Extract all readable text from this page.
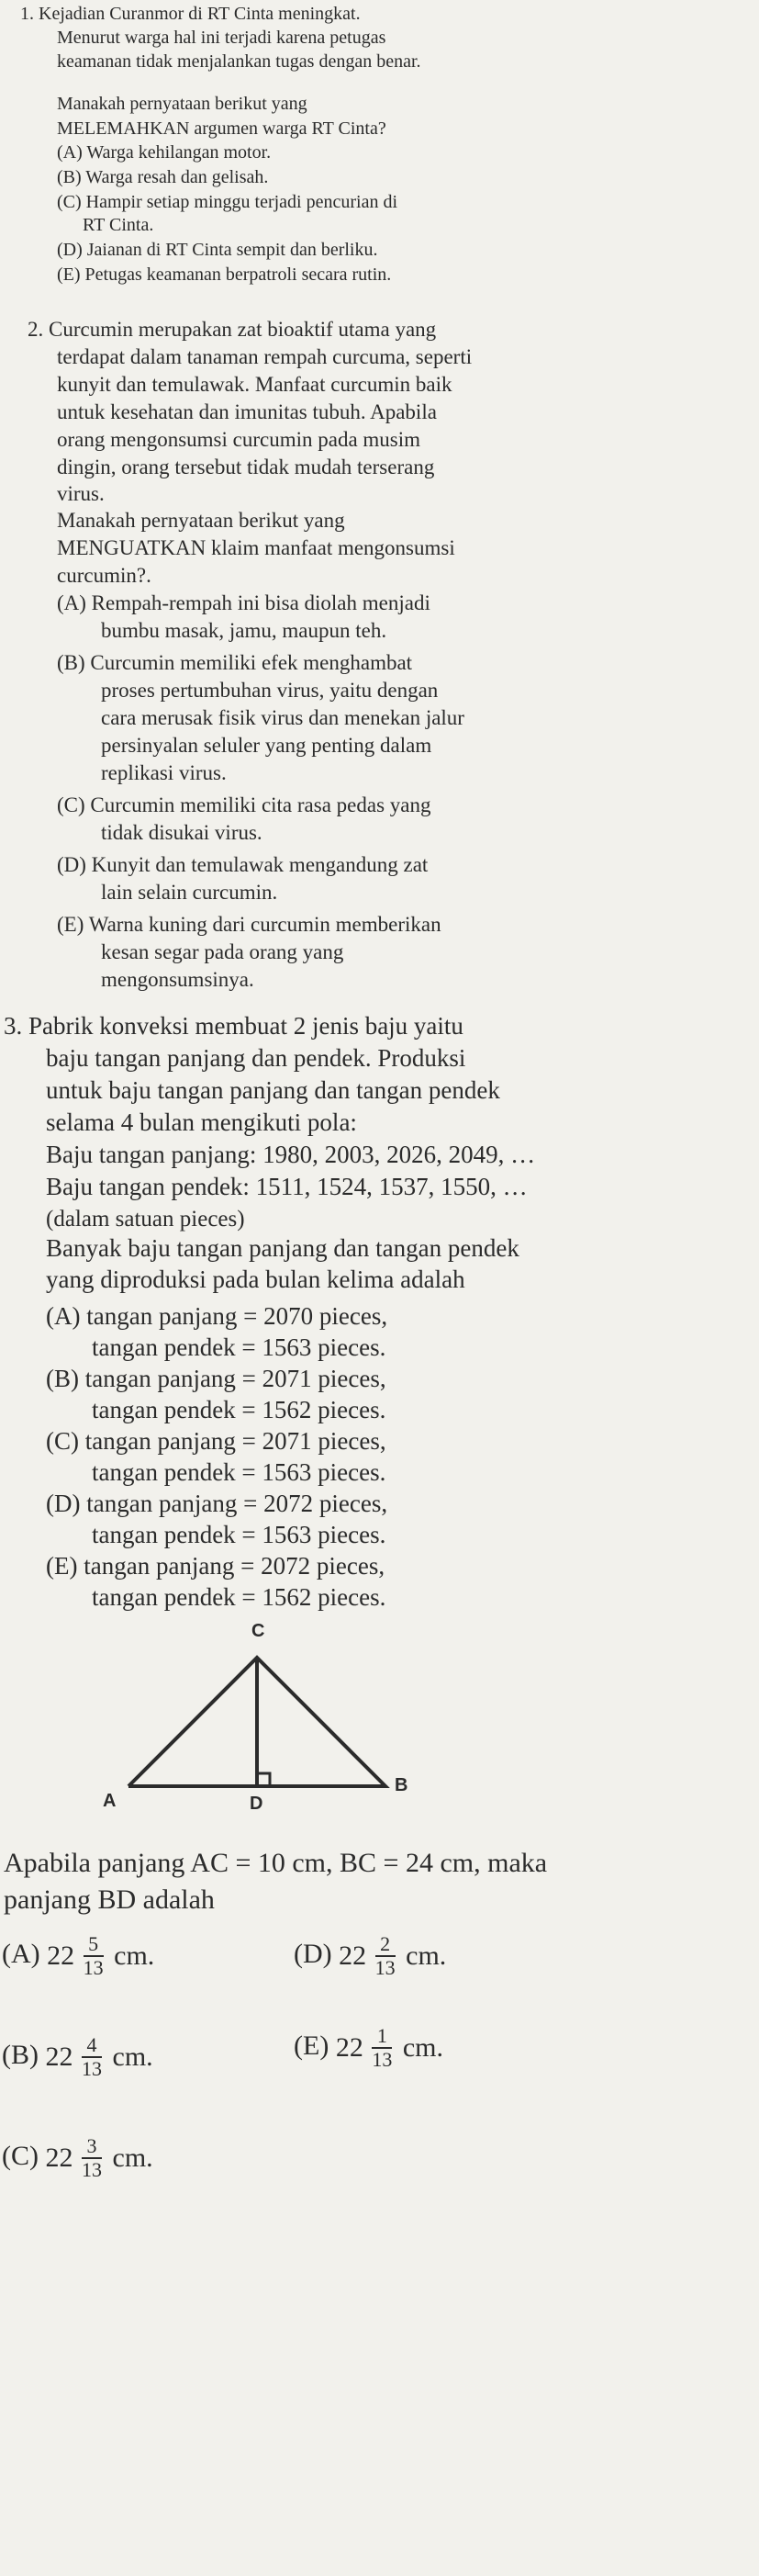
1. Kejadian Curanmor di RT Cinta meningkat.
Menurut warga hal ini terjadi karena petugas
keamanan tidak menjalankan tugas dengan benar.
Manakah pernyataan berikut yang
MELEMAHKAN argumen warga RT Cinta?
(A) Warga kehilangan motor.
(B) Warga resah dan gelisah.
(C) Hampir setiap minggu terjadi pencurian di
RT Cinta.
(D) Jaianan di RT Cinta sempit dan berliku.
(E) Petugas keamanan berpatroli secara rutin.
2. Curcumin merupakan zat bioaktif utama yang
terdapat dalam tanaman rempah curcuma, seperti
kunyit dan temulawak. Manfaat curcumin baik
untuk kesehatan dan imunitas tubuh. Apabila
orang mengonsumsi curcumin pada musim
dingin, orang tersebut tidak mudah terserang
virus.
Manakah pernyataan berikut yang
MENGUATKAN klaim manfaat mengonsumsi
curcumin?.
(A) Rempah-rempah ini bisa diolah menjadi
bumbu masak, jamu, maupun teh.
(B) Curcumin memiliki efek menghambat
proses pertumbuhan virus, yaitu dengan
cara merusak fisik virus dan menekan jalur
persinyalan seluler yang penting dalam
replikasi virus.
(C) Curcumin memiliki cita rasa pedas yang
tidak disukai virus.
(D) Kunyit dan temulawak mengandung zat
lain selain curcumin.
(E) Warna kuning dari curcumin memberikan
kesan segar pada orang yang
mengonsumsinya.
3. Pabrik konveksi membuat 2 jenis baju yaitu
baju tangan panjang dan pendek. Produksi
untuk baju tangan panjang dan tangan pendek
selama 4 bulan mengikuti pola:
Baju tangan panjang: 1980, 2003, 2026, 2049, …
Baju tangan pendek: 1511, 1524, 1537, 1550, …
(dalam satuan pieces)
Banyak baju tangan panjang dan tangan pendek
yang diproduksi pada bulan kelima adalah
(A) tangan panjang = 2070 pieces,
tangan pendek = 1563 pieces.
(B) tangan panjang = 2071 pieces,
tangan pendek = 1562 pieces.
(C) tangan panjang = 2071 pieces,
tangan pendek = 1563 pieces.
(D) tangan panjang = 2072 pieces,
tangan pendek = 1563 pieces.
(E) tangan panjang = 2072 pieces,
tangan pendek = 1562 pieces.
C
A	D
B
Apabila panjang AC = 10 cm, BC = 24 cm, maka
panjang BD adalah
(A) $22 \frac{5}{13}$ cm.	(D) $22 \frac{2}{13}$ cm.
(B) $22 \frac{4}{13}$ cm.	(E) $22 \frac{1}{13}$ cm.
(C) $22 \frac{3}{13}$ cm.
